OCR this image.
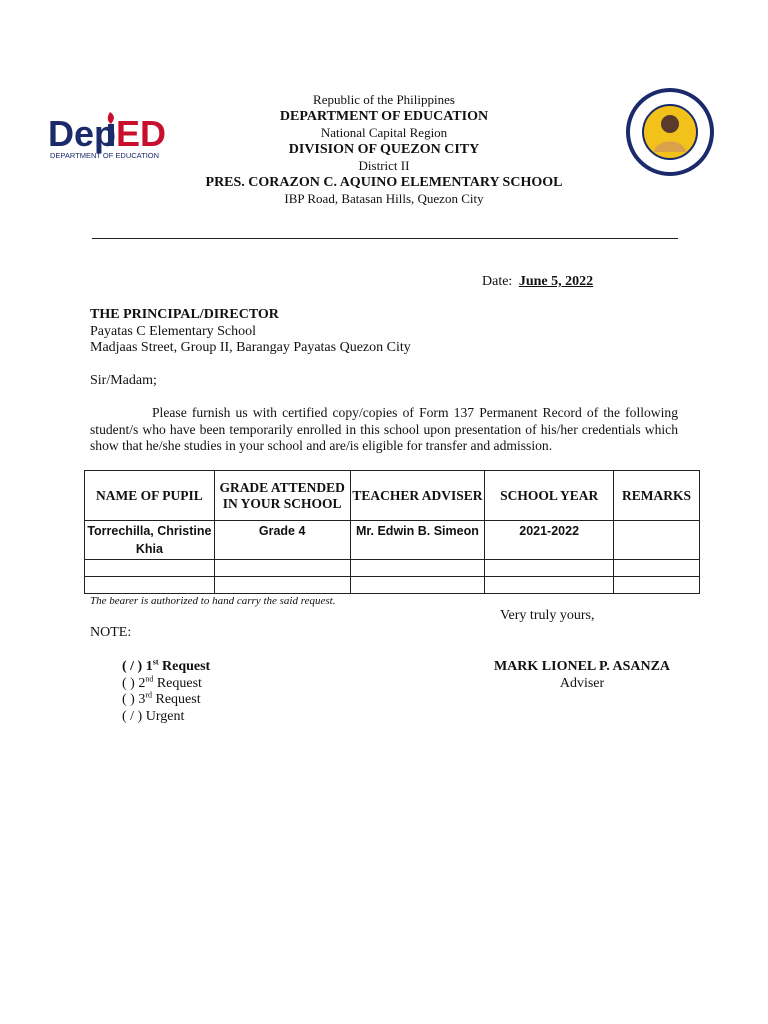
Dep ED
DEPARTMENT OF EDUCATION
Republic of the Philippines
DEPARTMENT OF EDUCATION
National Capital Region
DIVISION OF QUEZON CITY
District II
PRES. CORAZON C. AQUINO ELEMENTARY SCHOOL
IBP Road, Batasan Hills, Quezon City
Date: June 5, 2022
THE PRINCIPAL/DIRECTOR
Payatas C Elementary School
Madjaas Street, Group II, Barangay Payatas Quezon City
Sir/Madam;
Please furnish us with certified copy/copies of Form 137 Permanent Record of the following student/s who have been temporarily enrolled in this school upon presentation of his/her credentials which show that he/she studies in your school and are/is eligible for transfer and admission.
NAME OF PUPIL	GRADE ATTENDED IN YOUR SCHOOL	TEACHER ADVISER	SCHOOL YEAR	REMARKS
Torrechilla, Christine Khia	Grade 4	Mr. Edwin B. Simeon	2021-2022	

The bearer is authorized to hand carry the said request.
Very truly yours,
NOTE:
( / ) 1st Request
( ) 2nd Request
( ) 3rd Request
( / ) Urgent
MARK LIONEL P. ASANZA
Adviser
